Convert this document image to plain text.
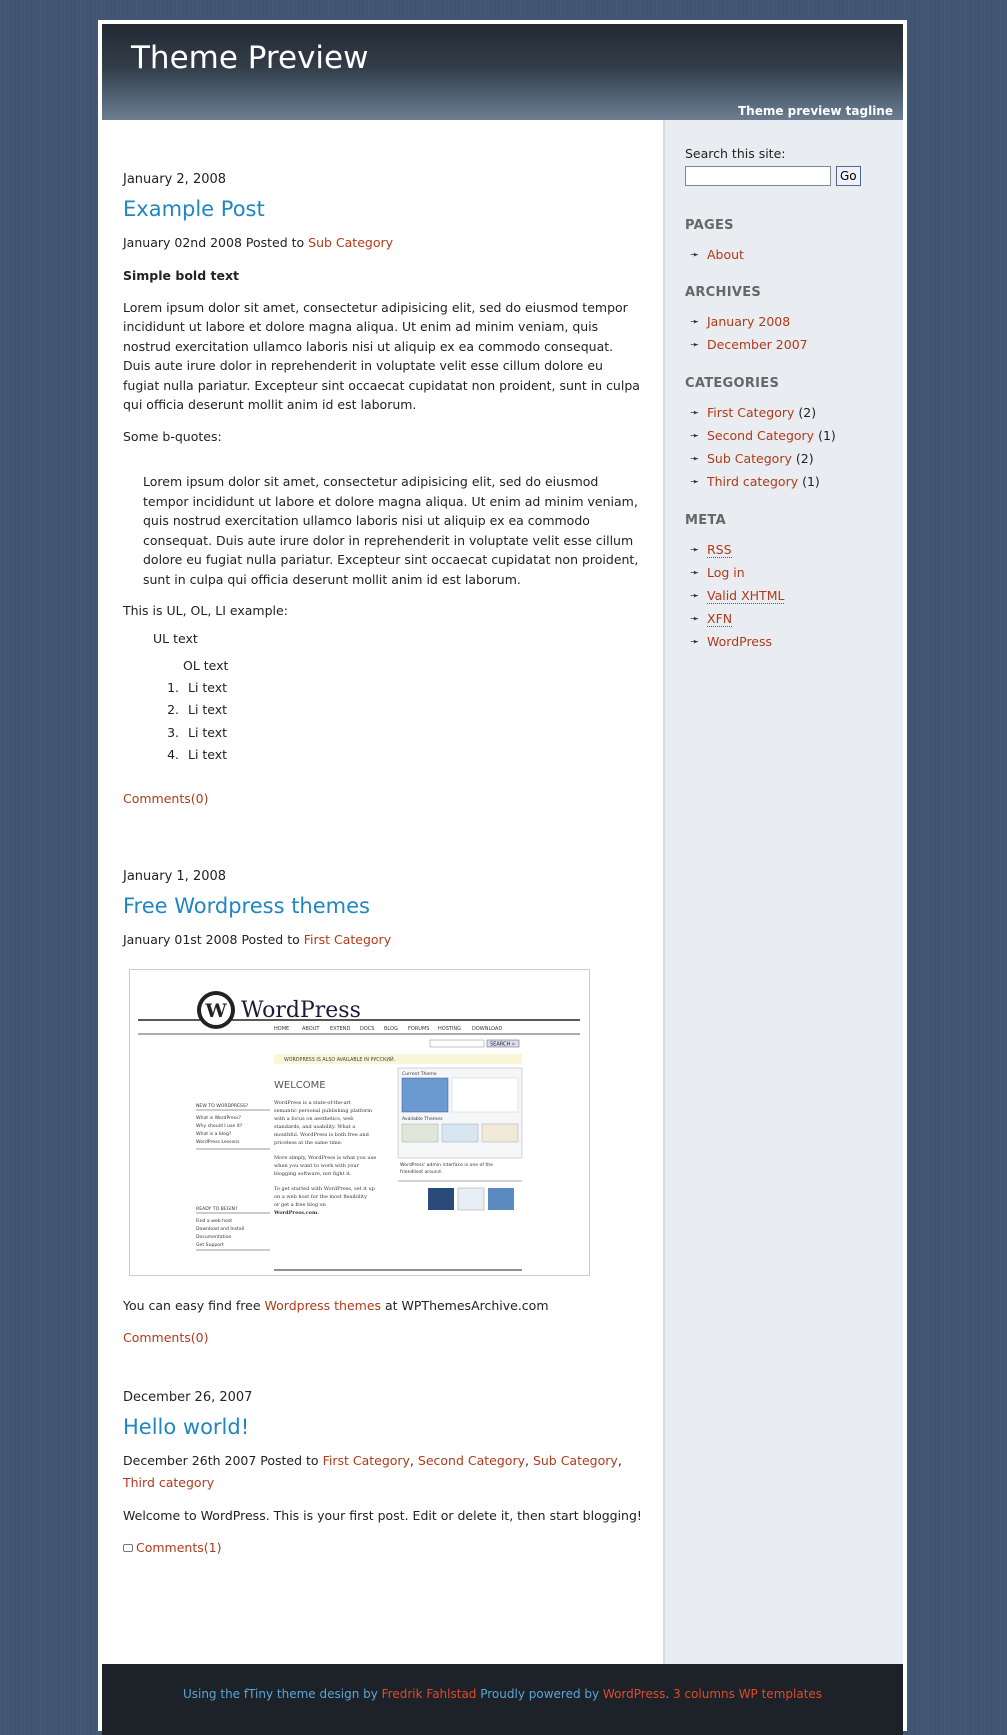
Theme Preview
Theme preview tagline
January 2, 2008
Example Post
January 02nd 2008 Posted to Sub Category

Simple bold text

Lorem ipsum dolor sit amet, consectetur adipisicing elit, sed do eiusmod tempor incididunt ut labore et dolore magna aliqua. Ut enim ad minim veniam, quis nostrud exercitation ullamco laboris nisi ut aliquip ex ea commodo consequat. Duis aute irure dolor in reprehenderit in voluptate velit esse cillum dolore eu fugiat nulla pariatur. Excepteur sint occaecat cupidatat non proident, sunt in culpa qui officia deserunt mollit anim id est laborum.

Some b-quotes:

Lorem ipsum dolor sit amet, consectetur adipisicing elit, sed do eiusmod tempor incididunt ut labore et dolore magna aliqua. Ut enim ad minim veniam, quis nostrud exercitation ullamco laboris nisi ut aliquip ex ea commodo consequat. Duis aute irure dolor in reprehenderit in voluptate velit esse cillum dolore eu fugiat nulla pariatur. Excepteur sint occaecat cupidatat non proident, sunt in culpa qui officia deserunt mollit anim id est laborum.

This is UL, OL, LI example:

UL text
OL text
1. Li text
2. Li text
3. Li text
4. Li text
Comments(0)
January 1, 2008
Free Wordpress themes
January 01st 2008 Posted to First Category
W WordPress
HOME	ABOUT EXTEND DOCS BLOG FORUMS HOSTING DOWNLOAD
SEARCH »
WORDPRESS IS ALSO AVAILABLE IN РУССКИЙ.
WELCOME
WordPress is a state-of-the-art
semantic personal publishing platform
with a focus on aesthetics, web
standards, and usability. What a
mouthful. WordPress is both free and
priceless at the same time.
More simply, WordPress is what you use
when you want to work with your
blogging software, not fight it.
To get started with WordPress, set it up
on a web host for the most flexibility
or get a free blog on
WordPress.com.
NEW TO WORDPRESS?
What is WordPress?
Why should I use it?
What is a blog?
WordPress Lessons
READY TO BEGIN?
Find a web host
Download and Install
Documentation
Get Support
Current Theme
Available Themes
WordPress' admin interface is one of the
friendliest around.

You can easy find free Wordpress themes at WPThemesArchive.com

Comments(0)
December 26, 2007
Hello world!
December 26th 2007 Posted to First Category, Second Category, Sub Category, Third category

Welcome to WordPress. This is your first post. Edit or delete it, then start blogging!

Comments(1)
Search this site:
Go
PAGES
➛ About
ARCHIVES
➛ January 2008
➛ December 2007
CATEGORIES
➛ First Category (2)
➛ Second Category (1)
➛ Sub Category (2)
➛ Third category (1)
META
➛ RSS
➛ Log in
➛ Valid XHTML
➛ XFN
➛ WordPress
Using the fTiny theme design by Fredrik Fahlstad Proudly powered by WordPress. 3 columns WP templates
